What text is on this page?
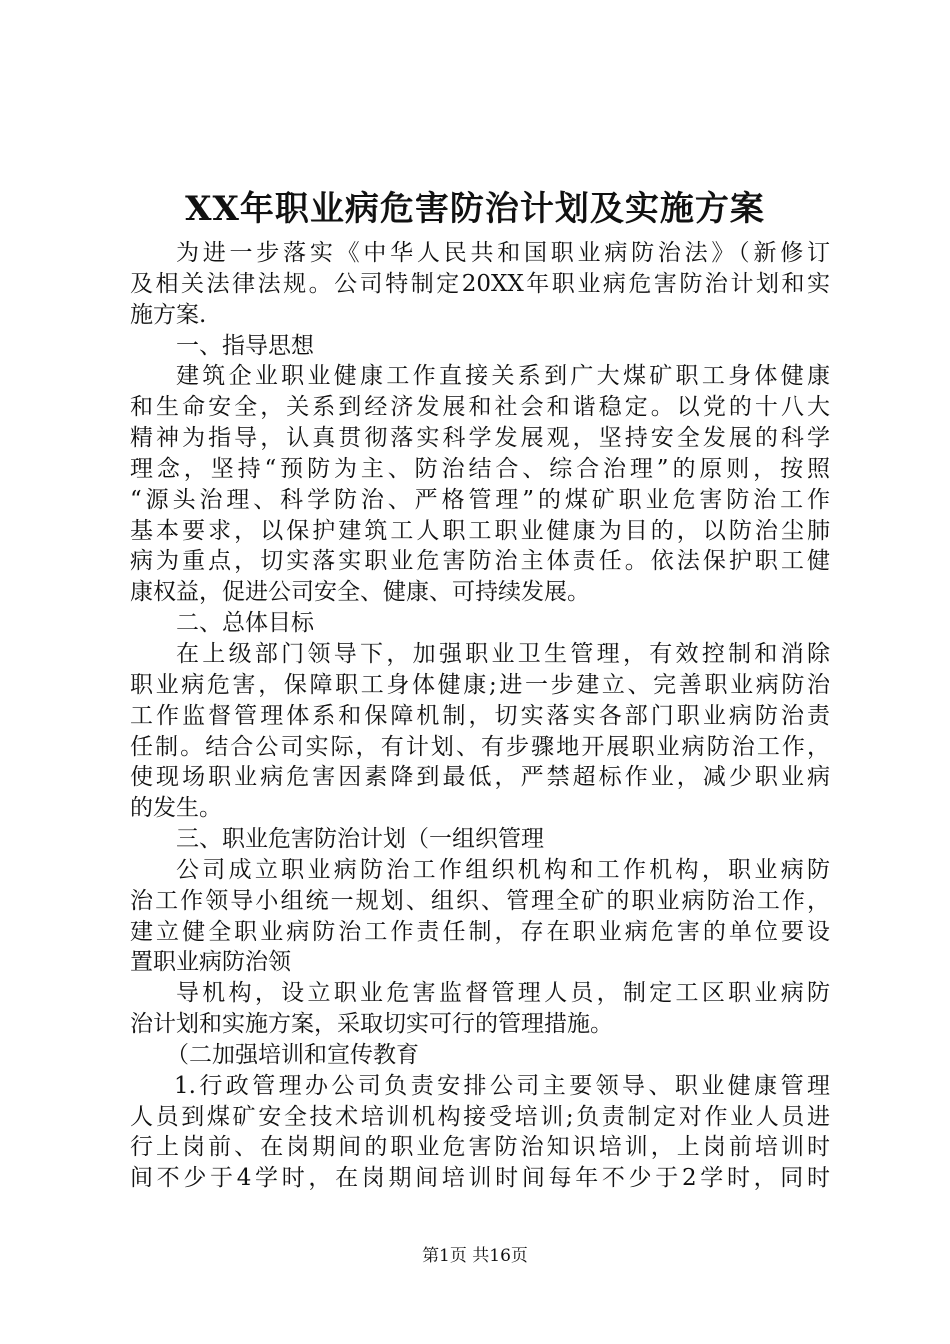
XX年职业病危害防治计划及实施方案
为进一步落实《中华人民共和国职业病防治法》（新修订
及相关法律法规。公司特制定20XX年职业病危害防治计划和实
施方案.
一、指导思想
建筑企业职业健康工作直接关系到广大煤矿职工身体健康
和生命安全，关系到经济发展和社会和谐稳定。以党的十八大
精神为指导，认真贯彻落实科学发展观，坚持安全发展的科学
理念，坚持“预防为主、防治结合、综合治理”的原则，按照
“源头治理、科学防治、严格管理”的煤矿职业危害防治工作
基本要求，以保护建筑工人职工职业健康为目的，以防治尘肺
病为重点，切实落实职业危害防治主体责任。依法保护职工健
康权益，促进公司安全、健康、可持续发展。
二、总体目标
在上级部门领导下，加强职业卫生管理，有效控制和消除
职业病危害，保障职工身体健康;进一步建立、完善职业病防治
工作监督管理体系和保障机制，切实落实各部门职业病防治责
任制。结合公司实际，有计划、有步骤地开展职业病防治工作，
使现场职业病危害因素降到最低，严禁超标作业，减少职业病
的发生。
三、职业危害防治计划（一组织管理
公司成立职业病防治工作组织机构和工作机构，职业病防
治工作领导小组统一规划、组织、管理全矿的职业病防治工作，
建立健全职业病防治工作责任制，存在职业病危害的单位要设
置职业病防治领
导机构，设立职业危害监督管理人员，制定工区职业病防
治计划和实施方案，采取切实可行的管理措施。
（二加强培训和宣传教育
1.行政管理办公司负责安排公司主要领导、职业健康管理
人员到煤矿安全技术培训机构接受培训;负责制定对作业人员进
行上岗前、在岗期间的职业危害防治知识培训，上岗前培训时
间不少于4学时，在岗期间培训时间每年不少于2学时，同时
第1页 共16页
